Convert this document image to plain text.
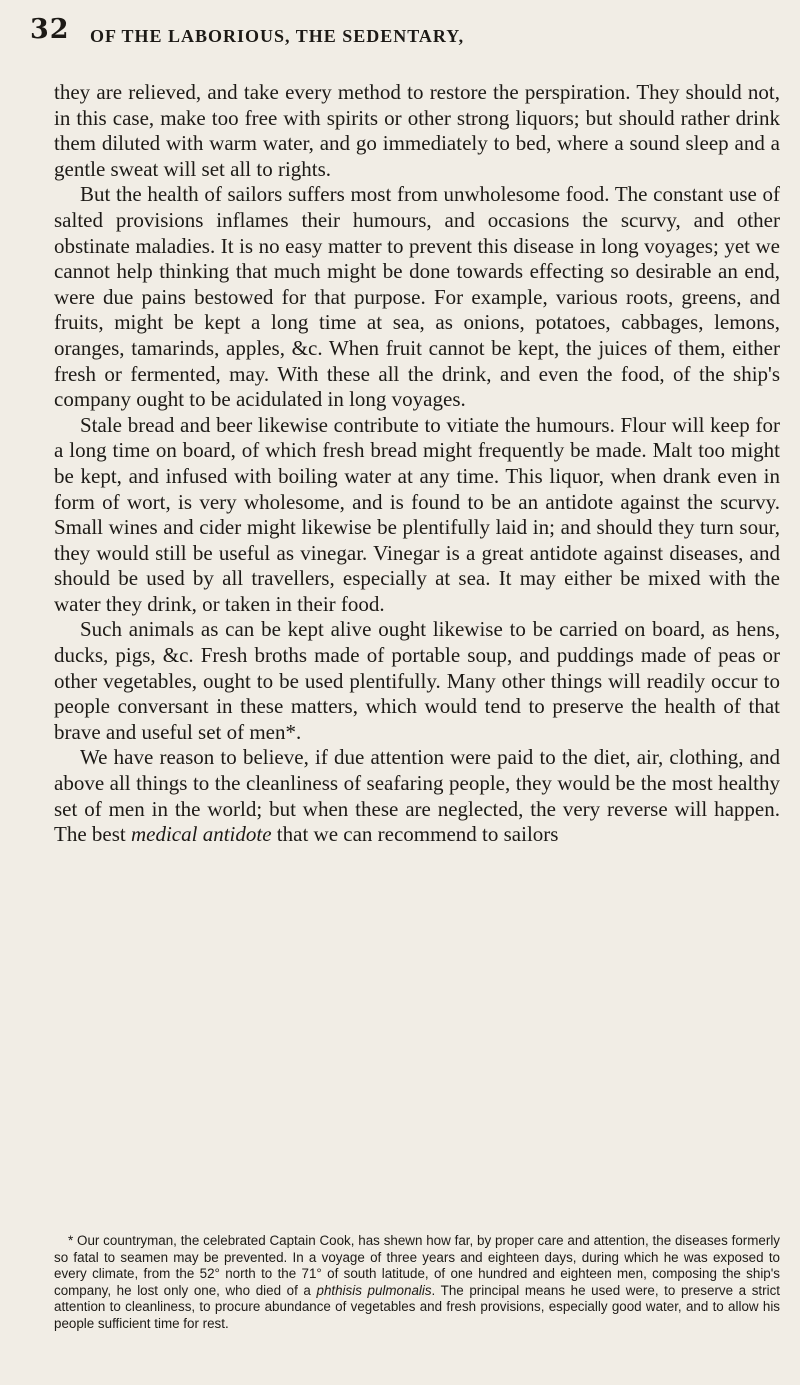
32 OF THE LABORIOUS, THE SEDENTARY,

they are relieved, and take every method to restore the perspiration. They should not, in this case, make too free with spirits or other strong liquors; but should rather drink them diluted with warm water, and go immediately to bed, where a sound sleep and a gentle sweat will set all to rights.

But the health of sailors suffers most from unwholesome food. The constant use of salted provisions inflames their humours, and occasions the scurvy, and other obstinate maladies. It is no easy matter to prevent this disease in long voyages; yet we cannot help thinking that much might be done towards effecting so desirable an end, were due pains bestowed for that purpose. For example, various roots, greens, and fruits, might be kept a long time at sea, as onions, potatoes, cabbages, lemons, oranges, tamarinds, apples, &c. When fruit cannot be kept, the juices of them, either fresh or fermented, may. With these all the drink, and even the food, of the ship's company ought to be acidulated in long voyages.

Stale bread and beer likewise contribute to vitiate the humours. Flour will keep for a long time on board, of which fresh bread might frequently be made. Malt too might be kept, and infused with boiling water at any time. This liquor, when drank even in form of wort, is very wholesome, and is found to be an antidote against the scurvy. Small wines and cider might likewise be plentifully laid in; and should they turn sour, they would still be useful as vinegar. Vinegar is a great antidote against diseases, and should be used by all travellers, especially at sea. It may either be mixed with the water they drink, or taken in their food.

Such animals as can be kept alive ought likewise to be carried on board, as hens, ducks, pigs, &c. Fresh broths made of portable soup, and puddings made of peas or other vegetables, ought to be used plentifully. Many other things will readily occur to people conversant in these matters, which would tend to preserve the health of that brave and useful set of men*.

We have reason to believe, if due attention were paid to the diet, air, clothing, and above all things to the cleanliness of seafaring people, they would be the most healthy set of men in the world; but when these are neglected, the very reverse will happen. The best medical antidote that we can recommend to sailors

* Our countryman, the celebrated Captain Cook, has shewn how far, by proper care and attention, the diseases formerly so fatal to seamen may be prevented. In a voyage of three years and eighteen days, during which he was exposed to every climate, from the 52° north to the 71° of south latitude, of one hundred and eighteen men, composing the ship's company, he lost only one, who died of a phthisis pulmonalis. The principal means he used were, to preserve a strict attention to cleanliness, to procure abundance of vegetables and fresh provisions, especially good water, and to allow his people sufficient time for rest.
